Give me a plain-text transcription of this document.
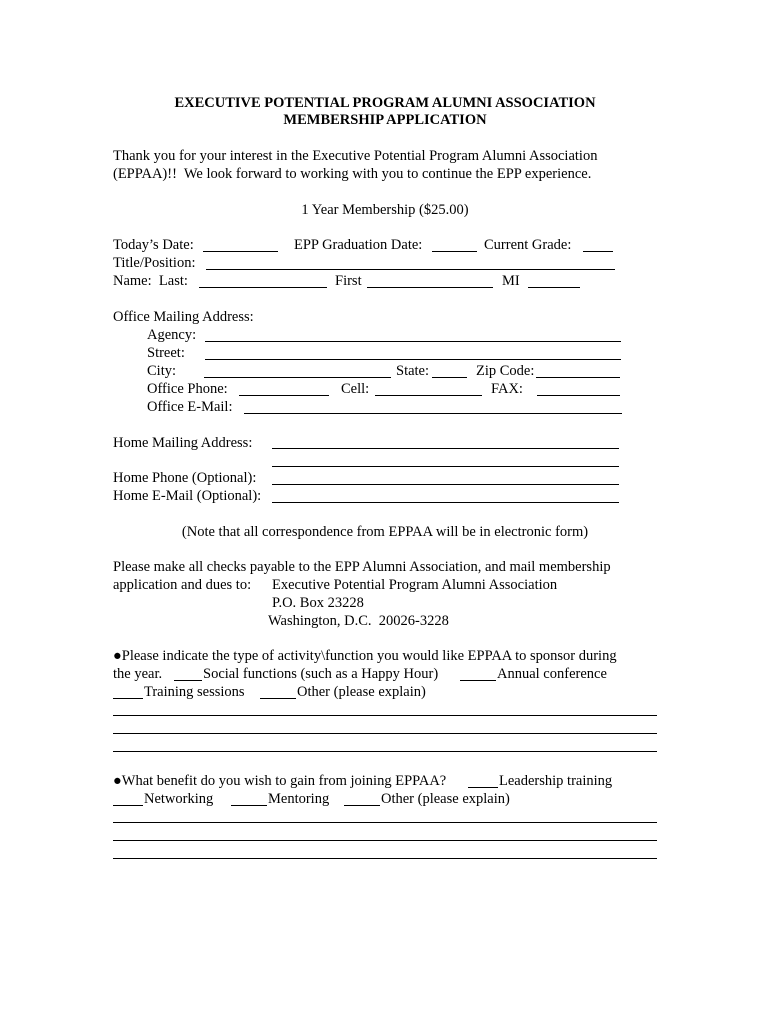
EXECUTIVE POTENTIAL PROGRAM ALUMNI ASSOCIATION
MEMBERSHIP APPLICATION
Thank you for your interest in the Executive Potential Program Alumni Association
(EPPAA)!!  We look forward to working with you to continue the EPP experience.
1 Year Membership ($25.00)
Today’s Date:	EPP Graduation Date:	Current Grade:
Title/Position:
Name:  Last:	First	MI
Office Mailing Address:
Agency:
Street:
City:	State:	Zip Code:
Office Phone:	Cell:	FAX:
Office E-Mail:
Home Mailing Address:
Home Phone (Optional):
Home E-Mail (Optional):
(Note that all correspondence from EPPAA will be in electronic form)
Please make all checks payable to the EPP Alumni Association, and mail membership
application and dues to: Executive Potential Program Alumni Association
P.O. Box 23228
Washington, D.C.  20026-3228
●Please indicate the type of activity\function you would like EPPAA to sponsor during
the year.	Social functions (such as a Happy Hour)	Annual conference
Training sessions	Other (please explain)
●What benefit do you wish to gain from joining EPPAA?	Leadership training
Networking	Mentoring	Other (please explain)
